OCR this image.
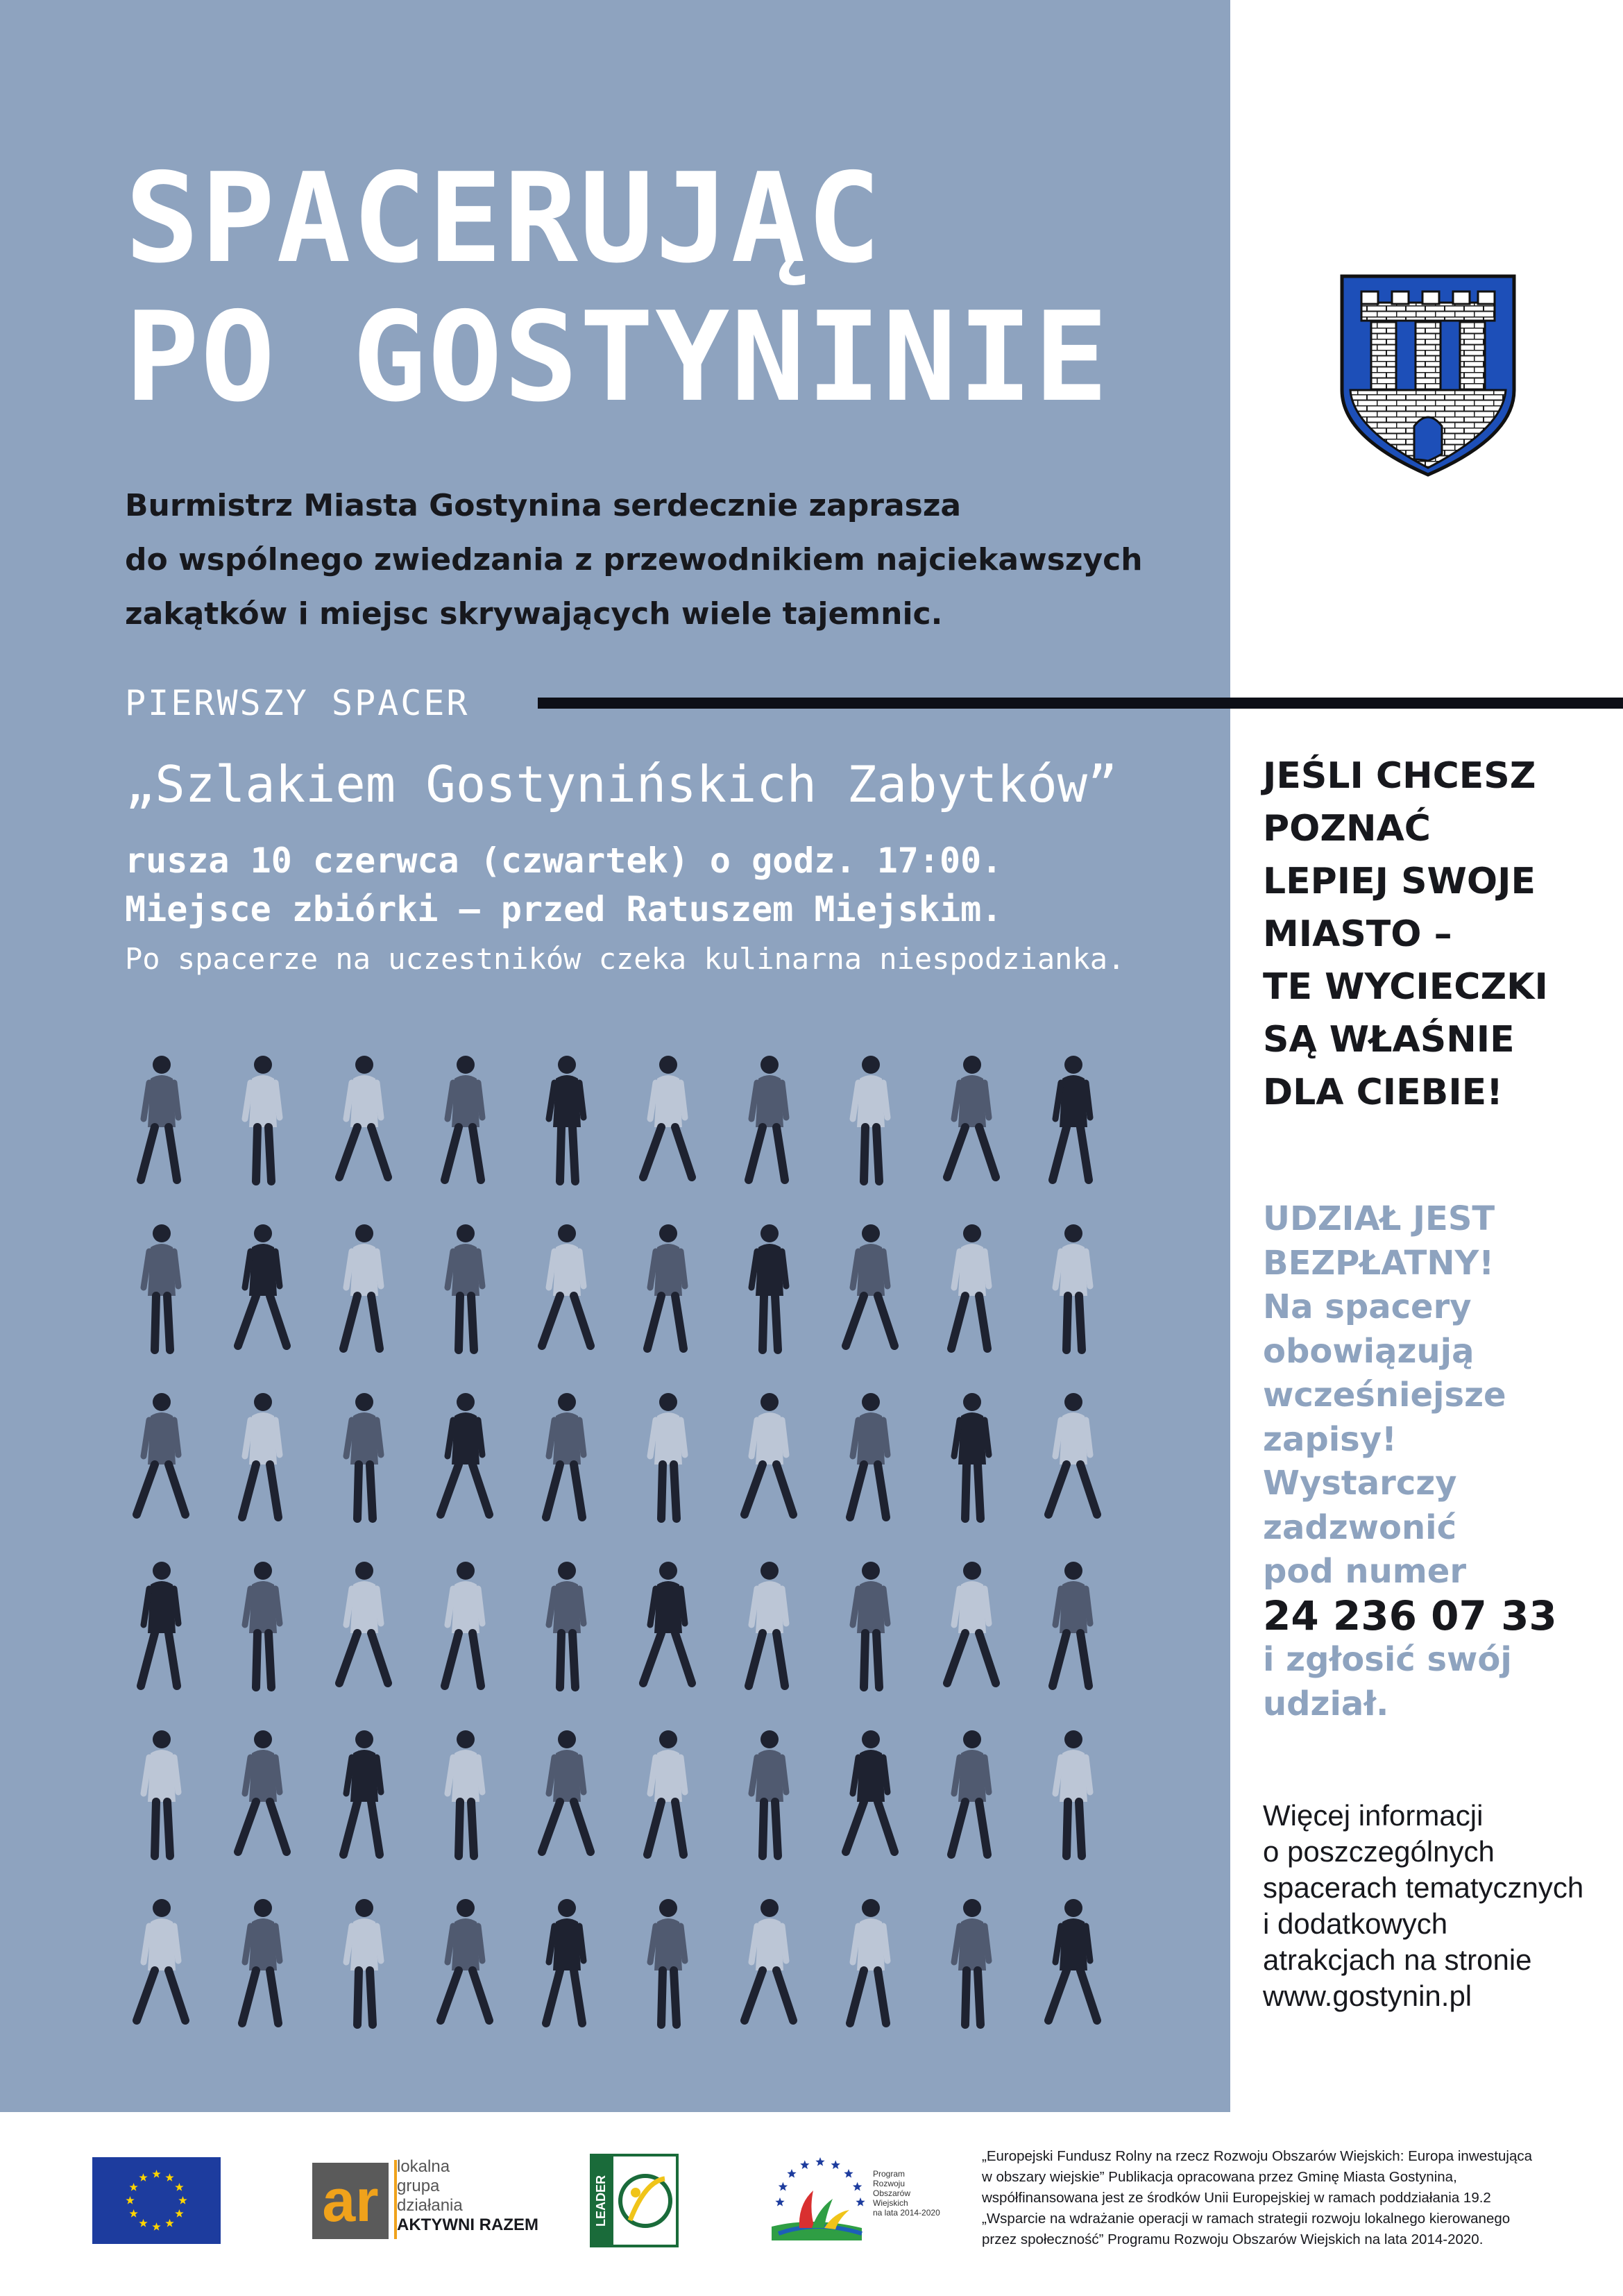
SPACERUJĄC
PO GOSTYNINIE
Burmistrz Miasta Gostynina serdecznie zaprasza
do wspólnego zwiedzania z przewodnikiem najciekawszych
zakątków i miejsc skrywających wiele tajemnic.
PIERWSZY SPACER
„Szlakiem Gostynińskich Zabytków”
rusza 10 czerwca (czwartek) o godz. 17:00.
Miejsce zbiórki – przed Ratuszem Miejskim.
Po spacerze na uczestników czeka kulinarna niespodzianka.
JEŚLI CHCESZ
POZNAĆ
LEPIEJ SWOJE
MIASTO –
TE WYCIECZKI
SĄ WŁAŚNIE
DLA CIEBIE!
UDZIAŁ JEST
BEZPŁATNY!
Na spacery
obowiązują
wcześniejsze
zapisy!
Wystarczy
zadzwonić
pod numer
24 236 07 33
i zgłosić swój
udział.
Więcej informacji
o poszczególnych
spacerach tematycznych
i dodatkowych
atrakcjach na stronie
www.gostynin.pl
ar
lokalna
grupa
działania
AKTYWNI RAZEM	LEADER
Program
Rozwoju
Obszarów
Wiejskich
na lata 2014-2020
„Europejski Fundusz Rolny na rzecz Rozwoju Obszarów Wiejskich: Europa inwestująca
w obszary wiejskie” Publikacja opracowana przez Gminę Miasta Gostynina,
współfinansowana jest ze środków Unii Europejskiej w ramach poddziałania 19.2
„Wsparcie na wdrażanie operacji w ramach strategii rozwoju lokalnego kierowanego
przez społeczność” Programu Rozwoju Obszarów Wiejskich na lata 2014-2020.
